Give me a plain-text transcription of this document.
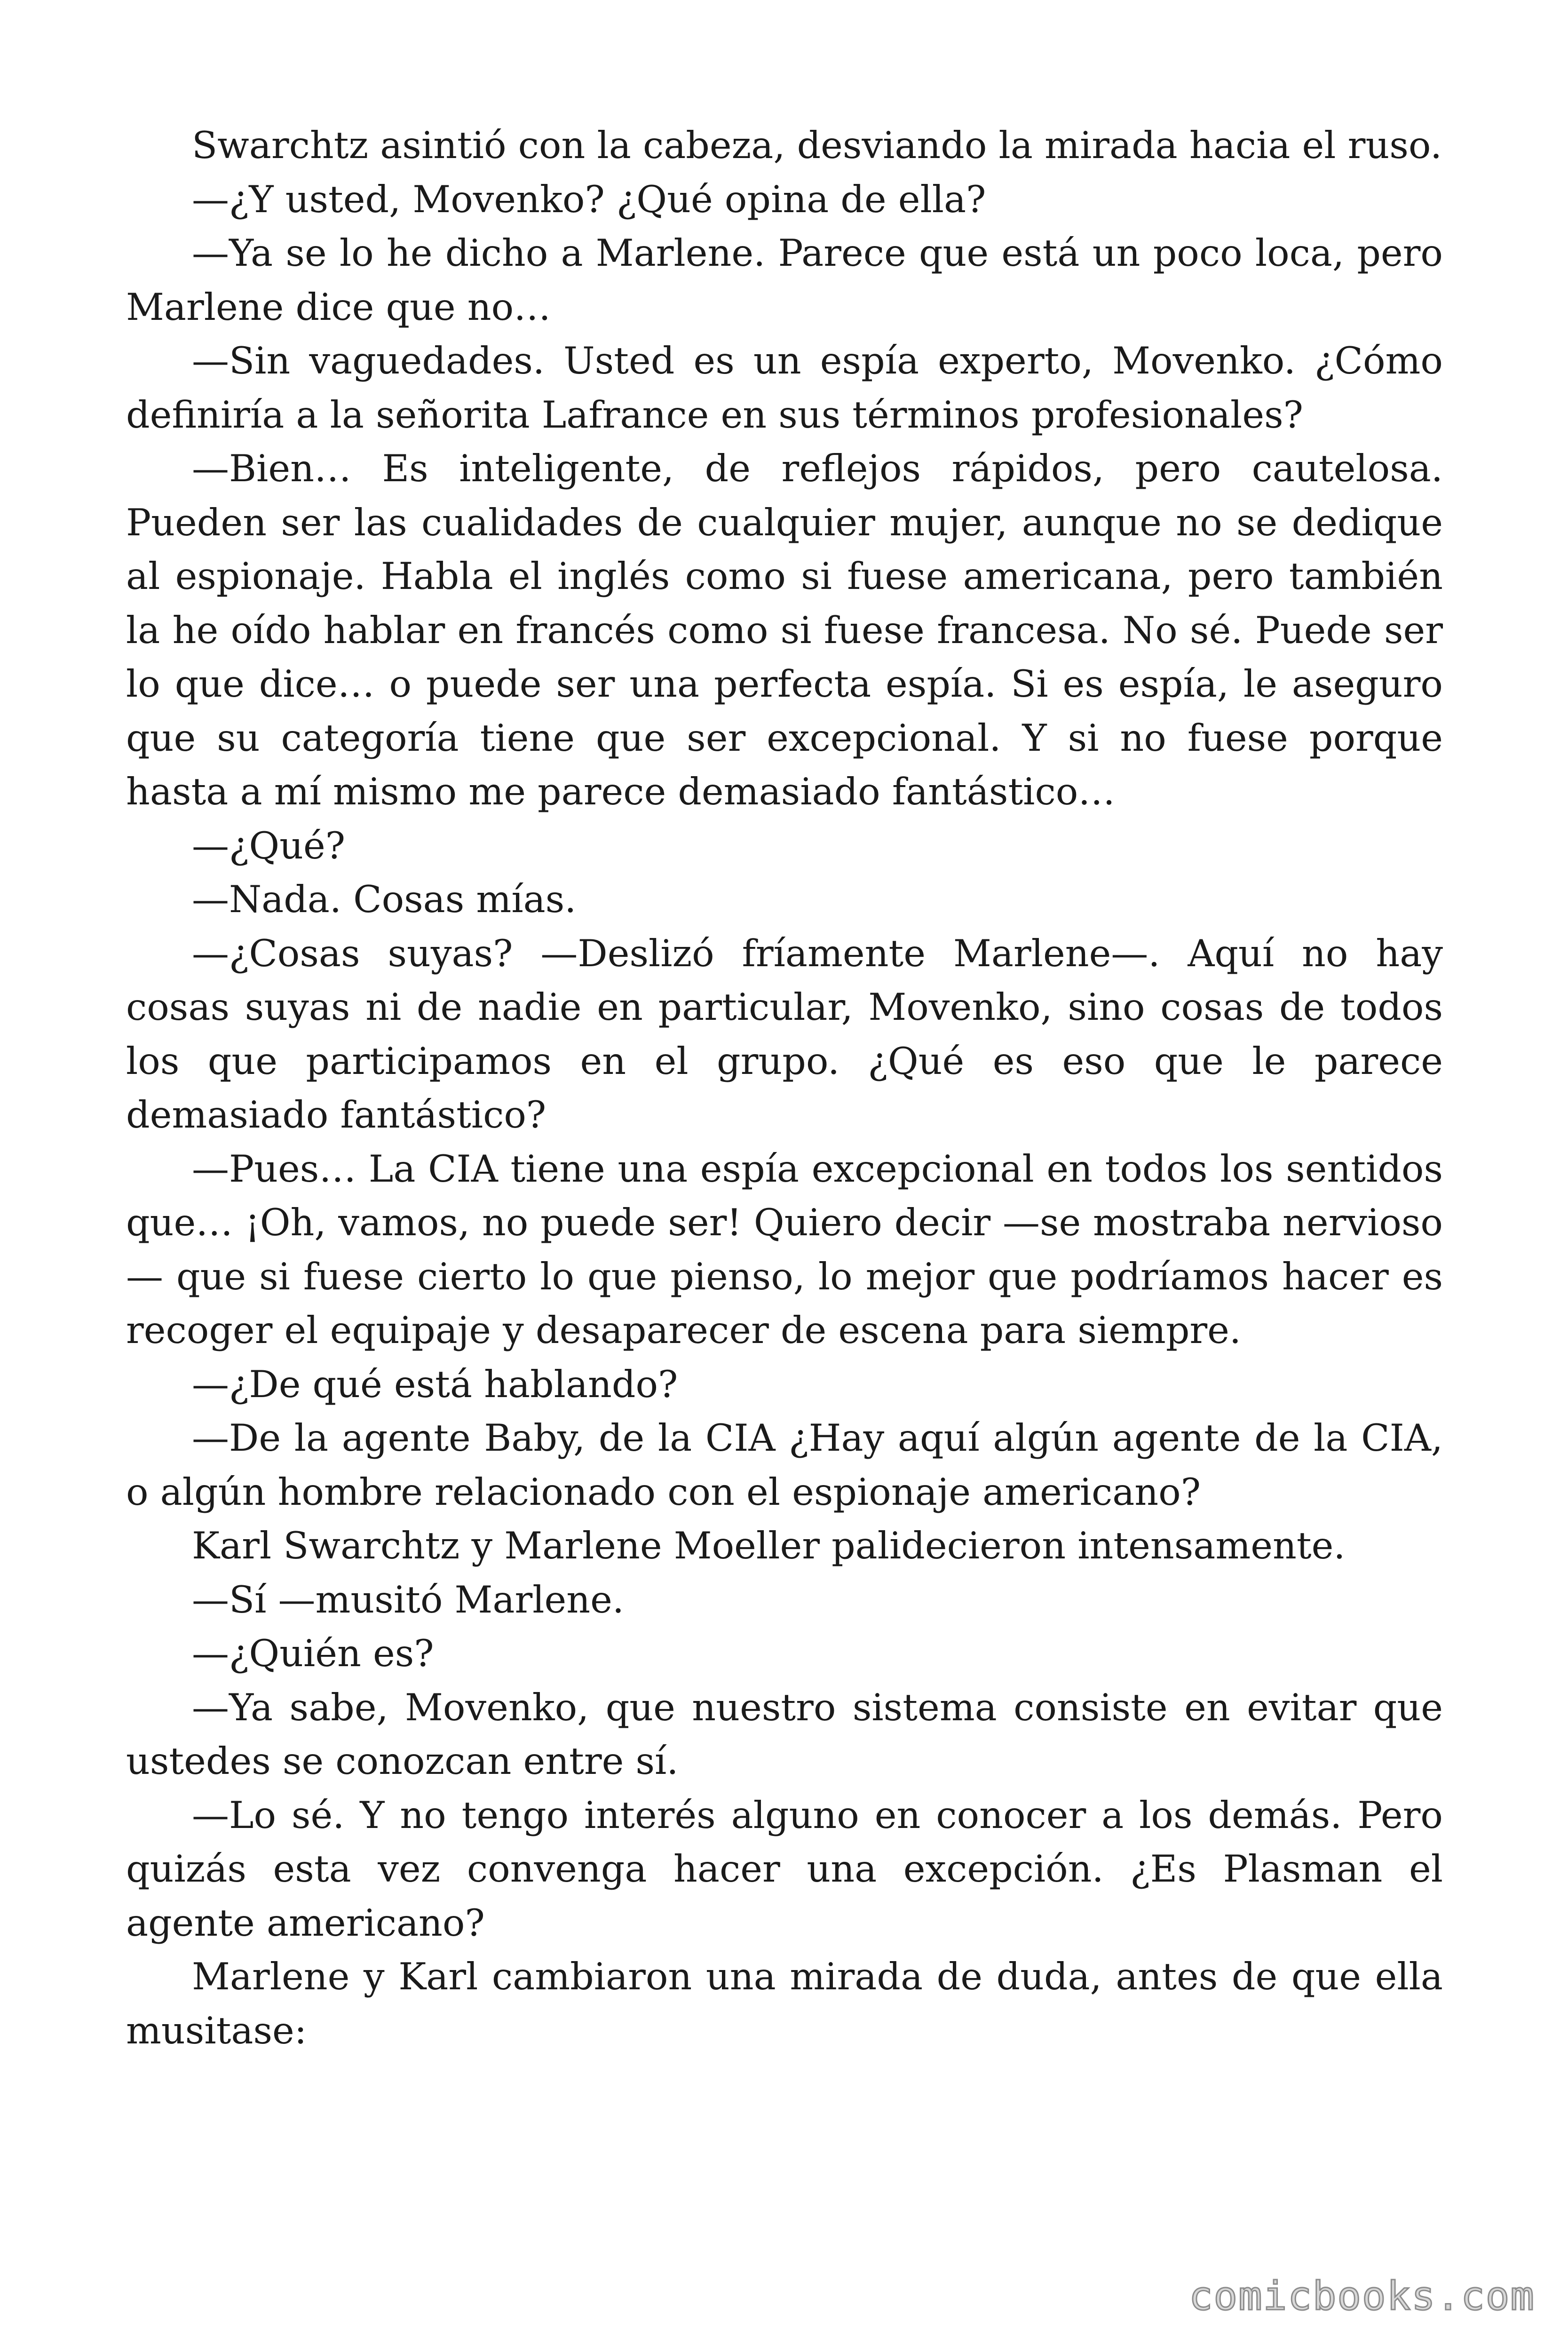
Swarchtz asintió con la cabeza, desviando la mirada hacia el ruso.

—¿Y usted, Movenko? ¿Qué opina de ella?

—Ya se lo he dicho a Marlene. Parece que está un poco loca, pero Marlene dice que no…

—Sin vaguedades. Usted es un espía experto, Movenko. ¿Cómo definiría a la señorita Lafrance en sus términos profesionales?

—Bien… Es inteligente, de reflejos rápidos, pero cautelosa. Pueden ser las cualidades de cualquier mujer, aunque no se dedique al espionaje. Habla el inglés como si fuese americana, pero también la he oído hablar en francés como si fuese francesa. No sé. Puede ser lo que dice… o puede ser una perfecta espía. Si es espía, le aseguro que su categoría tiene que ser excepcional. Y si no fuese porque hasta a mí mismo me parece demasiado fantástico…

—¿Qué?

—Nada. Cosas mías.

—¿Cosas suyas? —Deslizó fríamente Marlene—. Aquí no hay cosas suyas ni de nadie en particular, Movenko, sino cosas de todos los que participamos en el grupo. ¿Qué es eso que le parece demasiado fantástico?

—Pues… La CIA tiene una espía excepcional en todos los sentidos que… ¡Oh, vamos, no puede ser! Quiero decir —se mostraba nervioso— que si fuese cierto lo que pienso, lo mejor que podríamos hacer es recoger el equipaje y desaparecer de escena para siempre.

—¿De qué está hablando?

—De la agente Baby, de la CIA ¿Hay aquí algún agente de la CIA, o algún hombre relacionado con el espionaje americano?

Karl Swarchtz y Marlene Moeller palidecieron intensamente.

—Sí —musitó Marlene.

—¿Quién es?

—Ya sabe, Movenko, que nuestro sistema consiste en evitar que ustedes se conozcan entre sí.

—Lo sé. Y no tengo interés alguno en conocer a los demás. Pero quizás esta vez convenga hacer una excepción. ¿Es Plasman el agente americano?

Marlene y Karl cambiaron una mirada de duda, antes de que ella musitase:

comicbooks.com
